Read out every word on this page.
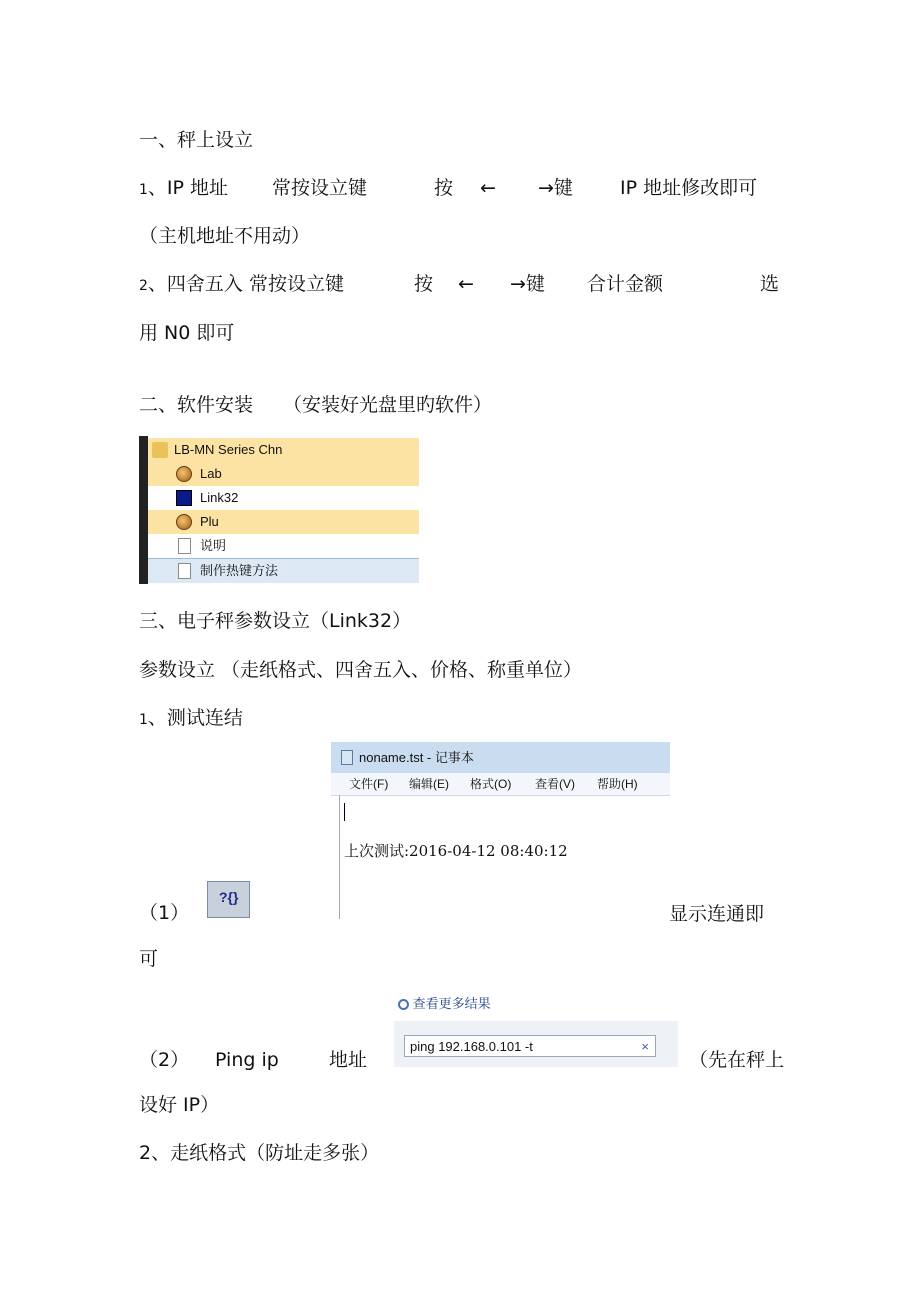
一、秤上设立
1、IP 地址 常按设立键	按 ← →键 IP 地址修改即可
（主机地址不用动）
2、四舍五入 常按设立键	按 ← →键 合计金额	选
用 N0 即可
二、软件安装 （安装好光盘里旳软件）
LB-MN Series Chn
Lab
Link32
Plu
说明
制作热键方法
三、电子秤参数设立（Link32）
参数设立 （走纸格式、四舍五入、价格、称重单位）
1、测试连结
noname.tst - 记事本
文件(F) 编辑(E) 格式(O) 查看(V) 帮助(H)
上次测试:2016-04-12 08:40:12
（1）
?{}
显示连通即
可
查看更多结果
ping 192.168.0.101 -t	×
（2） Ping ip	地址	（先在秤上
设好 IP）
2、走纸格式（防址走多张）
